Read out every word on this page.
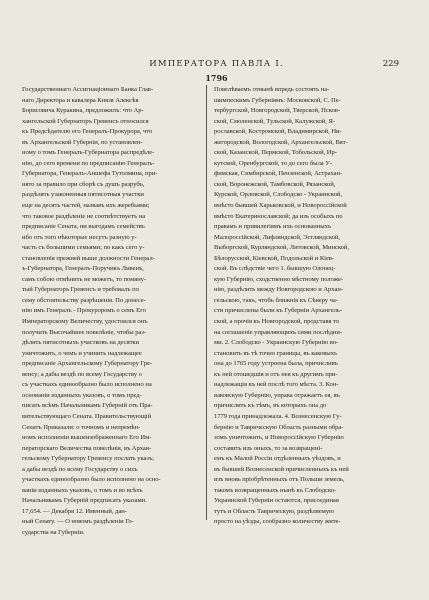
ИМПЕРАТОРА ПАВЛА I.	229
1796

Государственнаго Ассигнацiоннаго Банка Глав-

наго Директора и кавалера Князя Алексѣя

Борисовича Куракина, предложилъ: что Ар-

хангельской Губернаторъ Гревенсъ относился

къ Предсѣдателю его Генералъ-Прокурора, что

въ Архангельской Губернiи, по установлен-

ному о томъ Генералъ-Губернатора распредѣле-

нiю, до сего времени по предписанiю Генералъ-

Губернатора, Генералъ-Аншефа Тутолмина, при-

нято за правило при сборѣ съ душъ разрубъ,

раздѣлять узаконенныя пятисотныя участки

еще на десять частей, назвавъ ихъ жеребьями;

что таковое раздѣленiе не соотвѣтствуетъ на

предписанiе Сената, ни выгодамъ семействъ

ибо отъ того нѣкоторые несутъ разную у-

часть съ большими семьями; по какъ сего у-

становленiя прежней выше должности Генерал-

ъ-Губернатора, Генералъ-Поручикъ Ливенъ,

самъ собою отмѣнить не можетъ, то помяну-

тый Губернаторъ Гревенсъ и требовалъ по

сему обстоятельству разрѣшенiя. По донесе-

нiю имъ Генералъ - Прокуроромъ о семъ Его

Императорскому Величеству, удостоился онъ

получить Высочайшее повелѣнiе, чтобы раз-

дѣлить пятисотныхъ участковъ на десятки

уничтожить, о чемъ и учинить надлежащее

предписанiе Архангельскому Губернатору Гре-

венсу; а дабы вездѣ по всему Государству о

съ участкахъ единообразно было исполнено на

основанiи изданныхъ указовъ, о томъ пред-

писать всѣмъ Начальникамъ Губернiй отъ Пра-

вительствующаго Сената. Правительствующiй

Сенатъ Приказали: о точномъ и непремѣн-

номъ исполненiи вышеизображеннаго Его Им-

ператорскаго Величества повелѣнiя, въ Архан-

гельскому Губернатору Гревенсу послать указъ;

а дабы вездѣ по всему Государству о сихъ

участкахъ единообразно было исполнено на осно-

ванiи изданныхъ указовъ, о томъ и во всѣхъ

Начальникамъ Губернiй предписать указами.

17,654. — Декабря 12. Именный, дан-

ный Сенату. — О новомъ раздѣленiи Го-

сударства на Губернiи.

Повелѣваемъ отнынѣ впредь состоять на-

шимпескимъ Губернiямъ: Московской, С. Пе-

тербургской, Новгородской, Тверской, Псков-

ской, Смоленской, Тульской, Калужской, Я-

рославской, Костромской, Владимирской, Ни-

жегородской, Вологодской, Архангельской, Вят-

ской, Казанской, Пермской, Тобольской, Ир-

кутской, Оренбургской, то до сего была У-

фимская, Симбирской, Пензенской, Астрахан-

ской, Воронежской, Тамбовской, Рязанской,

Курской, Орловской, Слободско - Украинской,

вмѣсто бывшей Харьковской, и Новороссiйской

вмѣсто Екатеринославской; да изъ особыхъ по

правамъ и привилегiямъ ихъ основанныхъ

Малороссiйской, Лифляндской, Эстляндской,

Выборгской, Курляндской, Литовской, Минской,

Бѣлорусской, Кiевской, Подольской и Кiев-

ской. Въ слѣдствiе чего 1. бывшую Олонец-

кую Губернiю, сходственно мѣстному положе-

нiю, раздѣлить между Новгородскою и Архан-

гельскою, такъ, чтобъ ближнiя къ Сѣверу ча-

сти причислены были къ Губернiи Архангель-

ской, а прочiя къ Новгородской, продставя то

на соглашенiе управляющихъ сими послѣдни-

ми. 2. Слободско - Украинскую Губернiю во-

становить въ тѣ точно границы, въ каковыхъ

она до 1765 году устроена была, причисливъ

къ ней отошедшiя и отъ нея къ другимъ при-

надлежащiя къ ней послѣ того мѣста. 3. Кон-

ваковскую Губернiю, управа отражаетъ ея, въ

причислить къ тѣмъ, въ которыхъ она до

1779 года принадлежала. 4. Вознесенскую Гу-

бернiю и Таврическую Область разными обра-

зомъ уничтожить, и Новороссiйскую Губернiю

составить изъ оныхъ, то за возвращенi-

емъ къ Малой Россiи отдѣленныхъ уѣздовъ, и

въ бывшей Вознесенской причисленныхъ къ ней

изъ вновь прiобрѣтенныхъ отъ Польши земель,

такомъ возвращенныхъ нынѣ къ Слободско-

Украинской Губернiи остаются, присоединая

тутъ и Область Таврическую, раздѣляемую

просто на уѣзды, сообразно количеству жите-
